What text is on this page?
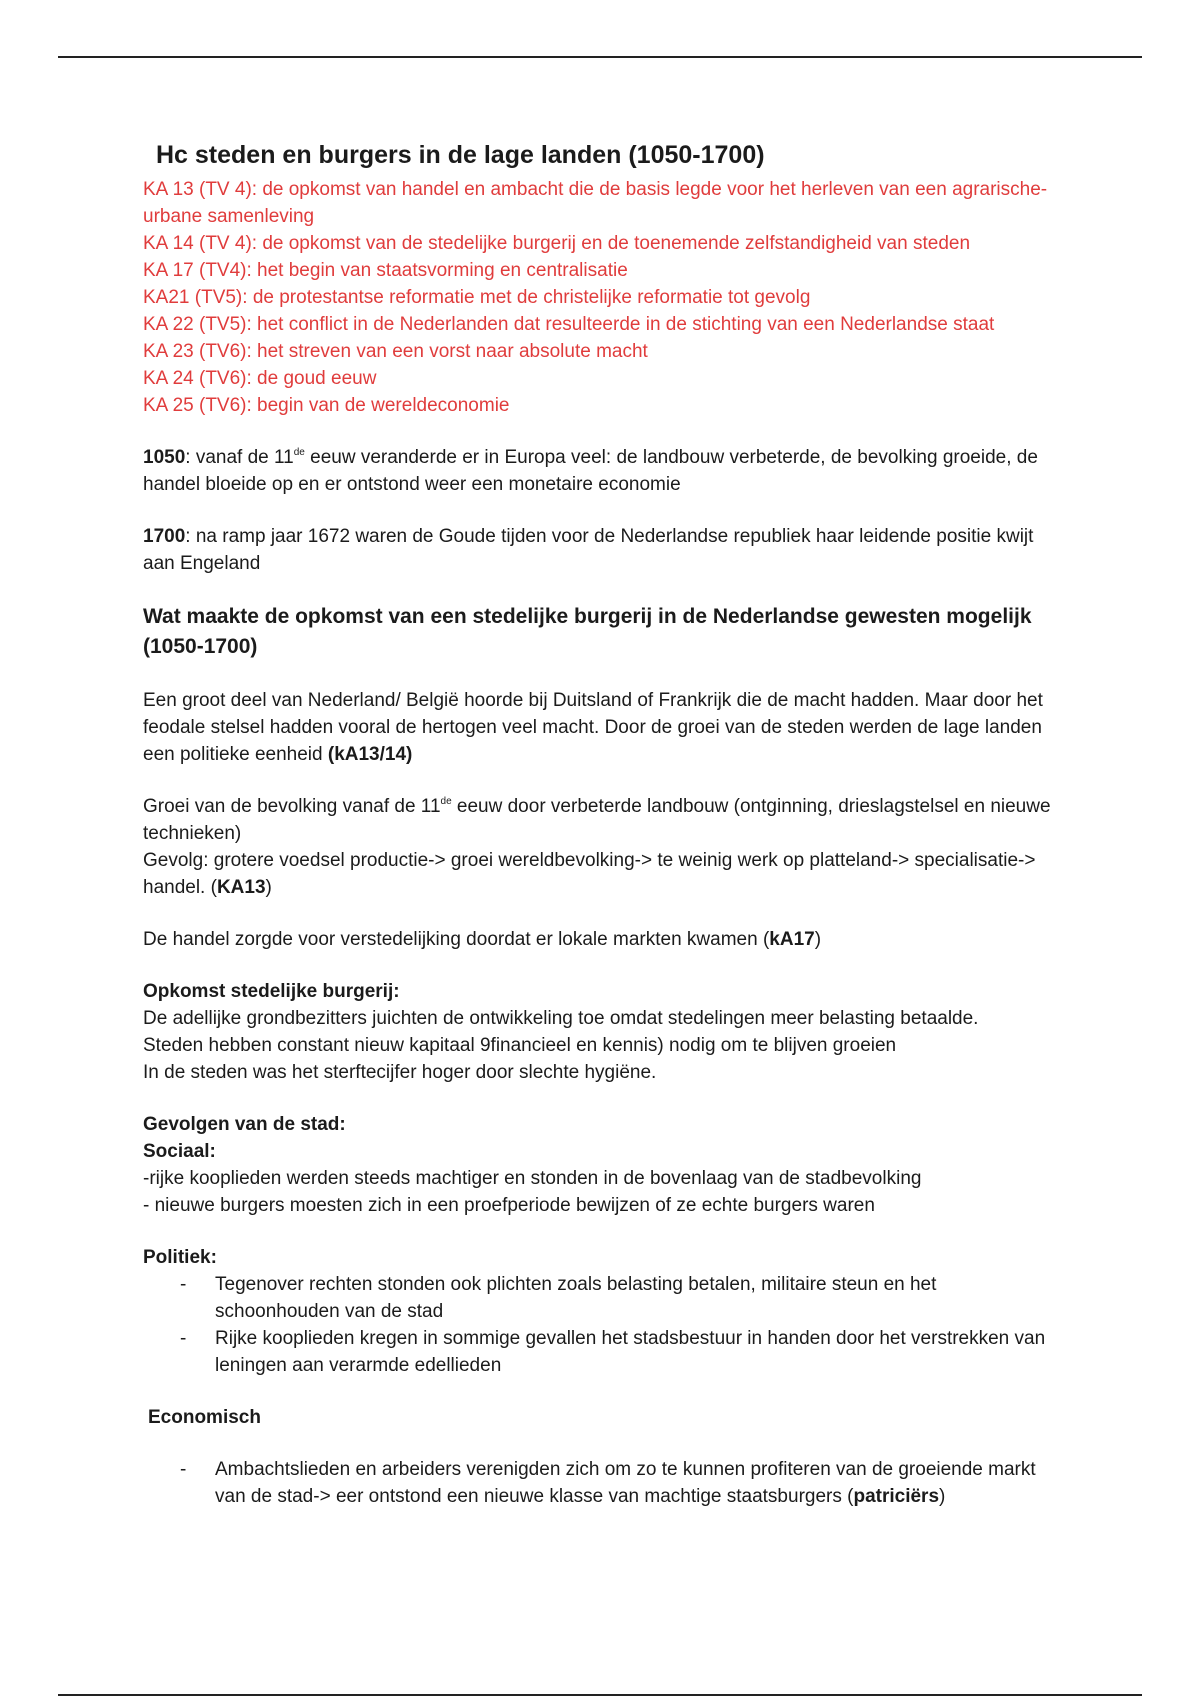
Hc steden en burgers in de lage landen (1050-1700)
KA 13 (TV 4): de opkomst van handel en ambacht die de basis legde voor het herleven van een agrarische-urbane samenleving
KA 14 (TV 4): de opkomst van de stedelijke burgerij en de toenemende zelfstandigheid van steden
KA 17 (TV4): het begin van staatsvorming en centralisatie
KA21 (TV5): de protestantse reformatie met de christelijke reformatie tot gevolg
KA 22 (TV5): het conflict in de Nederlanden dat resulteerde in de stichting van een Nederlandse staat
KA 23 (TV6): het streven van een vorst naar absolute macht
KA 24 (TV6): de goud eeuw
KA 25 (TV6): begin van de wereldeconomie
1050: vanaf de 11de eeuw veranderde er in Europa veel: de landbouw verbeterde, de bevolking groeide, de handel bloeide op en er ontstond weer een monetaire economie
1700: na ramp jaar 1672 waren de Goude tijden voor de Nederlandse republiek haar leidende positie kwijt aan Engeland
Wat maakte de opkomst van een stedelijke burgerij in de Nederlandse gewesten mogelijk (1050-1700)
Een groot deel van Nederland/ België hoorde bij Duitsland of Frankrijk die de macht hadden. Maar door het feodale stelsel hadden vooral de hertogen veel macht. Door de groei van de steden werden de lage landen een politieke eenheid (kA13/14)
Groei van de bevolking vanaf de 11de eeuw door verbeterde landbouw (ontginning, drieslagstelsel en nieuwe technieken)
Gevolg: grotere voedsel productie-> groei wereldbevolking-> te weinig werk op platteland-> specialisatie-> handel. (KA13)
De handel zorgde voor verstedelijking doordat er lokale markten kwamen (kA17)
Opkomst stedelijke burgerij:
De adellijke grondbezitters juichten de ontwikkeling toe omdat stedelingen meer belasting betaalde.
Steden hebben constant nieuw kapitaal 9financieel en kennis) nodig om te blijven groeien
In de steden was het sterftecijfer hoger door slechte hygiëne.
Gevolgen van de stad:
Sociaal:
-rijke kooplieden werden steeds machtiger en stonden in de bovenlaag van de stadbevolking
- nieuwe burgers moesten zich in een proefperiode bewijzen of ze echte burgers waren
Politiek:
- Tegenover rechten stonden ook plichten zoals belasting betalen, militaire steun en het schoonhouden van de stad
- Rijke kooplieden kregen in sommige gevallen het stadsbestuur in handen door het verstrekken van leningen aan verarmde edellieden
Economisch
- Ambachtslieden en arbeiders verenigden zich om zo te kunnen profiteren van de groeiende markt van de stad-> eer ontstond een nieuwe klasse van machtige staatsburgers (patriciërs)
